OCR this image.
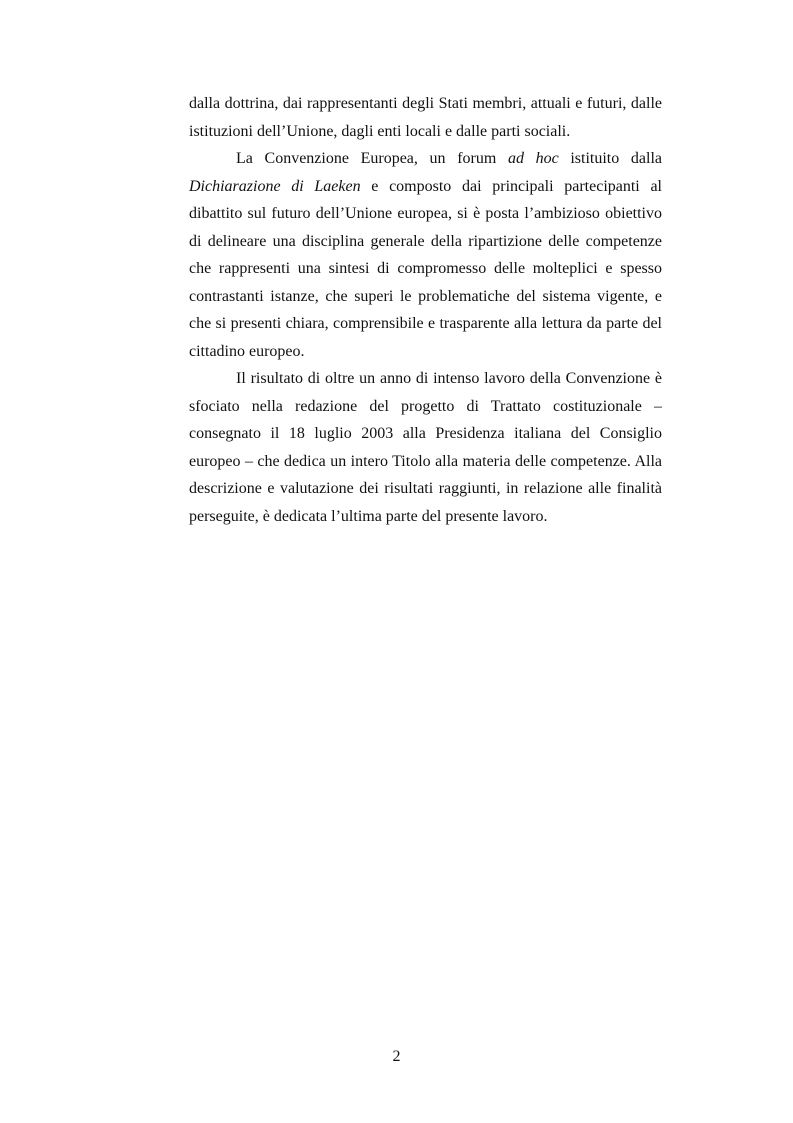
dalla dottrina, dai rappresentanti degli Stati membri, attuali e futuri, dalle istituzioni dell’Unione, dagli enti locali e dalle parti sociali.

La Convenzione Europea, un forum ad hoc istituito dalla Dichiarazione di Laeken e composto dai principali partecipanti al dibattito sul futuro dell’Unione europea, si è posta l’ambizioso obiettivo di delineare una disciplina generale della ripartizione delle competenze che rappresenti una sintesi di compromesso delle molteplici e spesso contrastanti istanze, che superi le problematiche del sistema vigente, e che si presenti chiara, comprensibile e trasparente alla lettura da parte del cittadino europeo.

Il risultato di oltre un anno di intenso lavoro della Convenzione è sfociato nella redazione del progetto di Trattato costituzionale – consegnato il 18 luglio 2003 alla Presidenza italiana del Consiglio europeo – che dedica un intero Titolo alla materia delle competenze. Alla descrizione e valutazione dei risultati raggiunti, in relazione alle finalità perseguite, è dedicata l’ultima parte del presente lavoro.

2
